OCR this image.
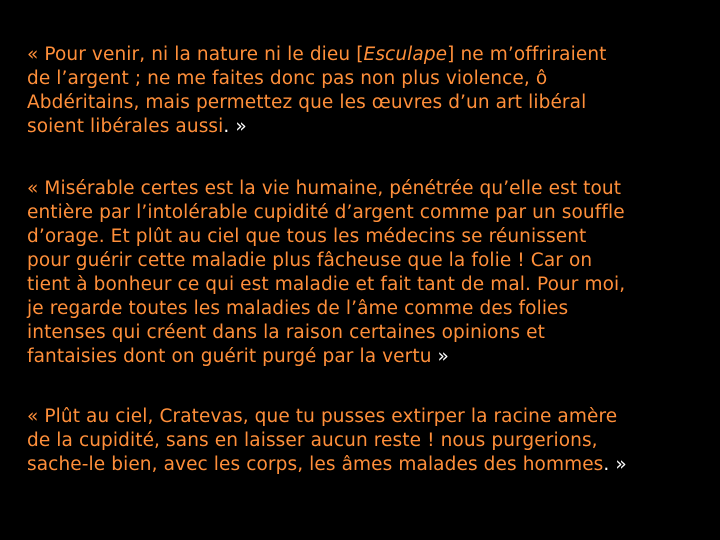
« Pour venir, ni la nature ni le dieu [Esculape] ne m’offriraient
de l’argent ; ne me faites donc pas non plus violence, ô
Abdéritains, mais permettez que les œuvres d’un art libéral
soient libérales aussi. »

« Misérable certes est la vie humaine, pénétrée qu’elle est tout
entière par l’intolérable cupidité d’argent comme par un souffle
d’orage. Et plût au ciel que tous les médecins se réunissent
pour guérir cette maladie plus fâcheuse que la folie ! Car on
tient à bonheur ce qui est maladie et fait tant de mal. Pour moi,
je regarde toutes les maladies de l’âme comme des folies
intenses qui créent dans la raison certaines opinions et
fantaisies dont on guérit purgé par la vertu »

« Plût au ciel, Cratevas, que tu pusses extirper la racine amère
de la cupidité, sans en laisser aucun reste ! nous purgerions,
sache-le bien, avec les corps, les âmes malades des hommes. »
